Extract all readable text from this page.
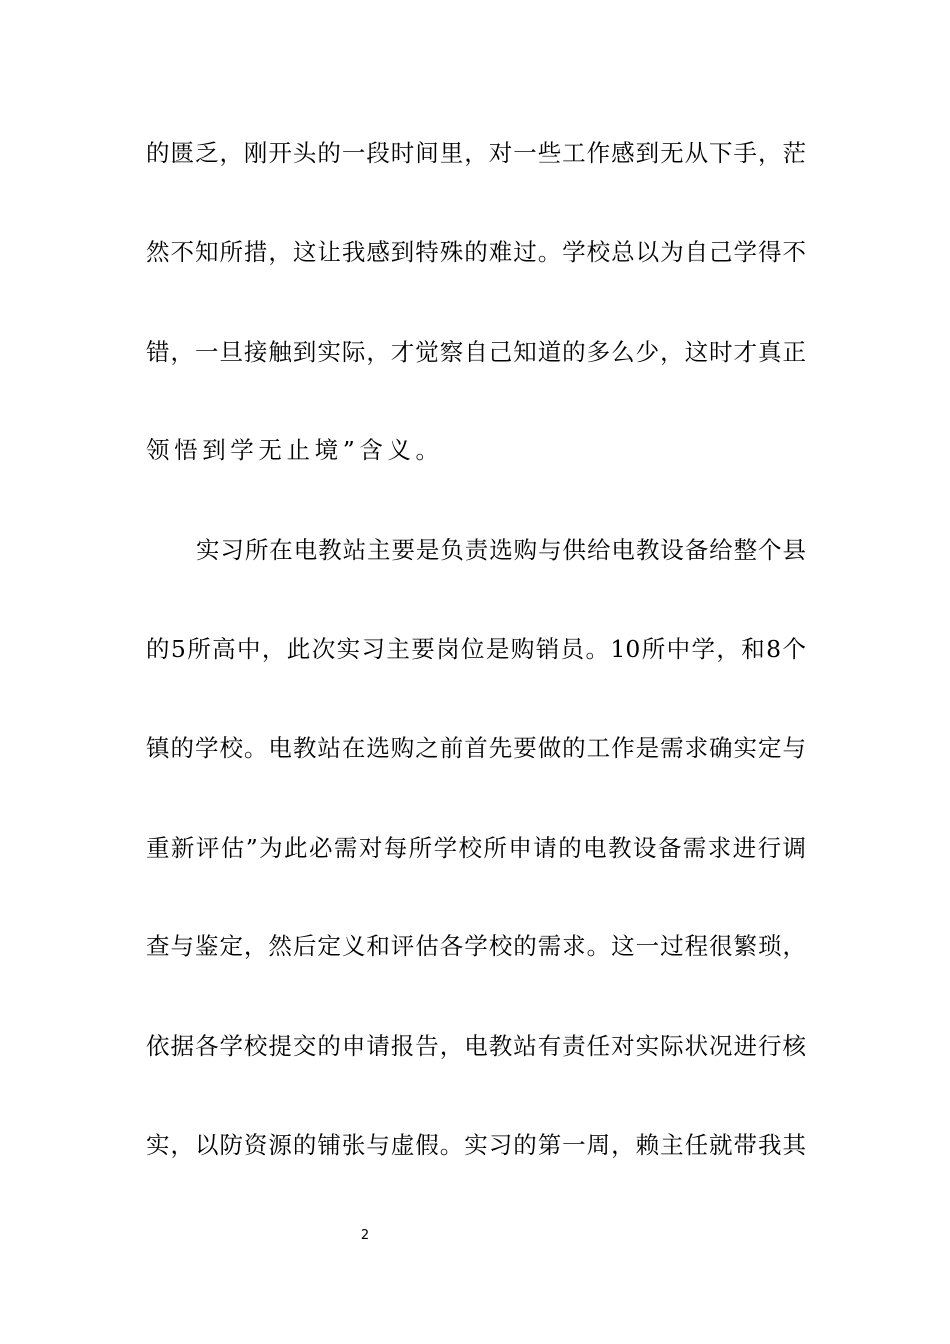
的匮乏，刚开头的一段时间里，对一些工作感到无从下手，茫
然不知所措，这让我感到特殊的难过。学校总以为自己学得不
错，一旦接触到实际，才觉察自己知道的多么少，这时才真正
领悟到学无止境”含义。
实习所在电教站主要是负责选购与供给电教设备给整个县
的5所高中，此次实习主要岗位是购销员。10所中学，和8个
镇的学校。电教站在选购之前首先要做的工作是需求确实定与
重新评估”为此必需对每所学校所申请的电教设备需求进行调
查与鉴定，然后定义和评估各学校的需求。这一过程很繁琐，
依据各学校提交的申请报告，电教站有责任对实际状况进行核
实，以防资源的铺张与虚假。实习的第一周，赖主任就带我其
2
